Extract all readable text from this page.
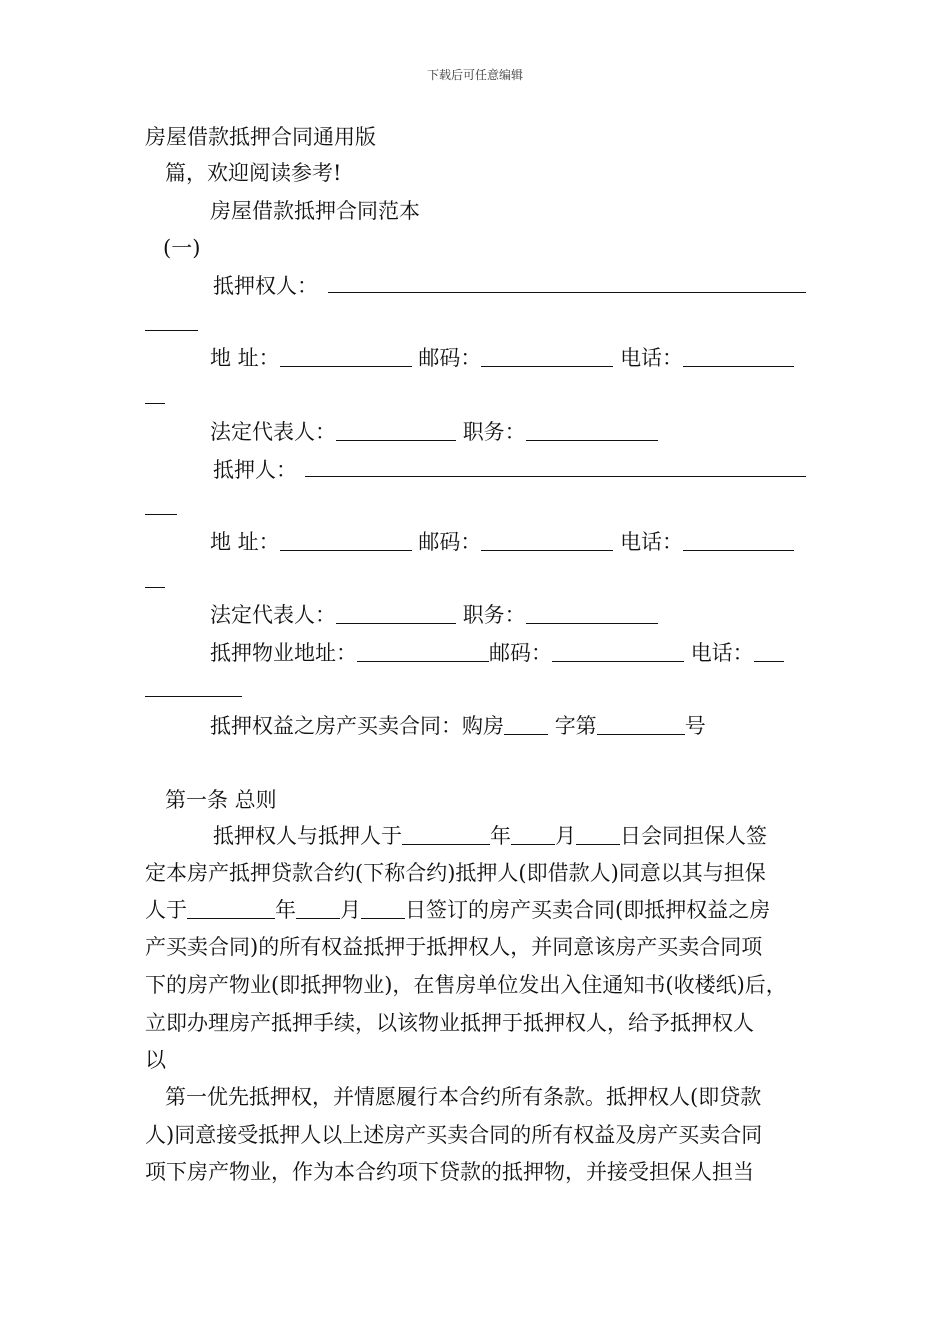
下载后可任意编辑
房屋借款抵押合同通用版
篇，欢迎阅读参考!
房屋借款抵押合同范本
(一)
抵押权人：
地 址：	邮码：	电话：
法定代表人：	职务：
抵押人：
地 址：	邮码：	电话：
法定代表人：	职务：
抵押物业地址：	邮码：	电话：
抵押权益之房产买卖合同：购房 字第	号
第一条 总则
抵押权人与抵押人于	年 月 日会同担保人签
定本房产抵押贷款合约(下称合约)抵押人(即借款人)同意以其与担保
人于	年 月 日签订的房产买卖合同(即抵押权益之房
产买卖合同)的所有权益抵押于抵押权人，并同意该房产买卖合同项
下的房产物业(即抵押物业)，在售房单位发出入住通知书(收楼纸)后，
立即办理房产抵押手续，以该物业抵押于抵押权人，给予抵押权人
以
第一优先抵押权，并情愿履行本合约所有条款。抵押权人(即贷款
人)同意接受抵押人以上述房产买卖合同的所有权益及房产买卖合同
项下房产物业，作为本合约项下贷款的抵押物，并接受担保人担当
